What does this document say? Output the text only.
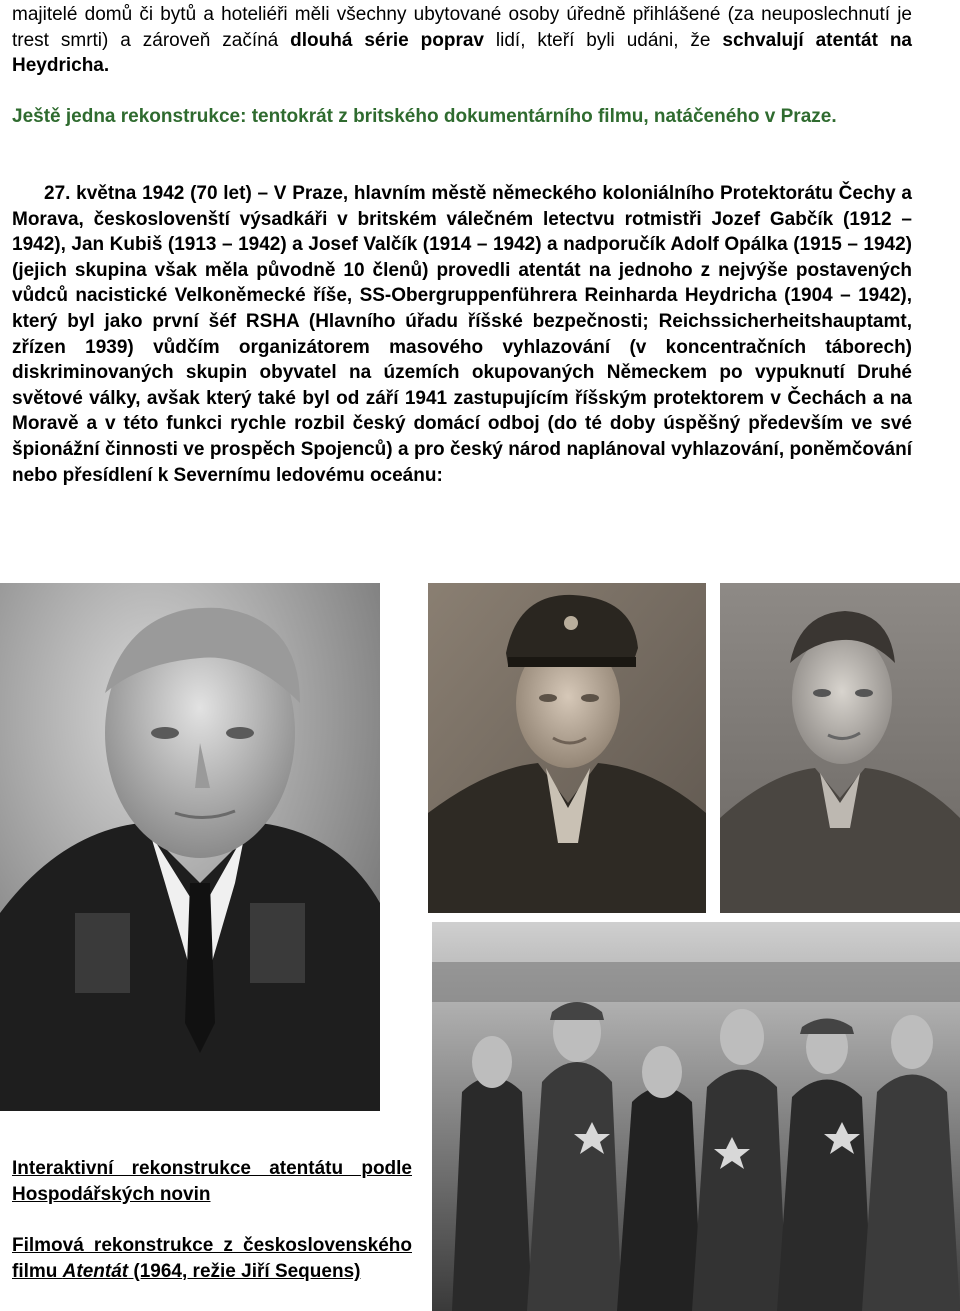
majitelé domů či bytů a hoteliéři měli všechny ubytované osoby úředně přihlášené (za neuposlechnutí je trest smrti) a zároveň začíná dlouhá série poprav lidí, kteří byli udáni, že schvalují atentát na Heydricha.

Ještě jedna rekonstrukce: tentokrát z britského dokumentárního filmu, natáčeného v Praze.

27. května 1942 (70 let) – V Praze, hlavním městě německého koloniálního Protektorátu Čechy a Morava, českoslovenští výsadkáři v britském válečném letectvu rotmistři Jozef Gabčík (1912 – 1942), Jan Kubiš (1913 – 1942) a Josef Valčík (1914 – 1942) a nadporučík Adolf Opálka (1915 – 1942) (jejich skupina však měla původně 10 členů) provedli atentát na jednoho z nejvýše postavených vůdců nacistické Velkoněmecké říše, SS-Obergruppenführera Reinharda Heydricha (1904 – 1942), který byl jako první šéf RSHA (Hlavního úřadu říšské bezpečnosti; Reichssicherheitshauptamt, zřízen 1939) vůdčím organizátorem masového vyhlazování (v koncentračních táborech) diskriminovaných skupin obyvatel na územích okupovaných Německem po vypuknutí Druhé světové války, avšak který také byl od září 1941 zastupujícím říšským protektorem v Čechách a na Moravě a v této funkci rychle rozbil český domácí odboj (do té doby úspěšný především ve své špionážní činnosti ve prospěch Spojenců) a pro český národ naplánoval vyhlazování, poněmčování nebo přesídlení k Severnímu ledovému oceánu:

Interaktivní rekonstrukce atentátu podle Hospodářských novin

Filmová rekonstrukce z československého filmu Atentát (1964, režie Jiří Sequens)
